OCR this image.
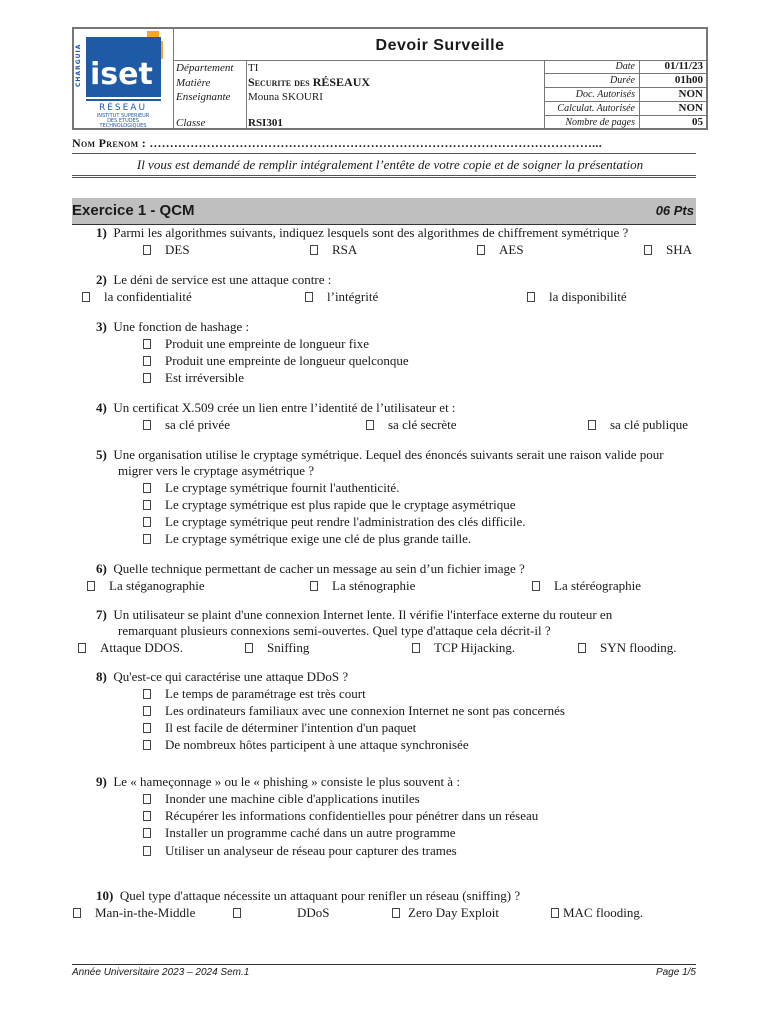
iset
RÉSEAU
INSTITUT SUPERIEUR
DES ETUDES
TECHNOLOGIQUES
CHARGUIA	Devoir Surveille
Département TI
Matière	Securite des RÉSEAUX
Enseignante Mouna SKOURI
Classe	RSI301
Date	01/11/23
Durée	01h00
Doc. Autorisés	NON
Calculat. Autorisée	NON
Nombre de pages	05
Nom Prenom : ………………………………………………………………………………………………...
Il vous est demandé de remplir intégralement l’entête de votre copie et de soigner la présentation
Exercice 1 - QCM	06 Pts
1) Parmi les algorithmes suivants, indiquez lesquels sont des algorithmes de chiffrement symétrique ?
DES	RSA	AES	SHA
2) Le déni de service est une attaque contre :
la confidentialité	l’intégrité	la disponibilité
3) Une fonction de hashage :
Produit une empreinte de longueur fixe
Produit une empreinte de longueur quelconque
Est irréversible
4) Un certificat X.509 crée un lien entre l’identité de l’utilisateur et :
sa clé privée	sa clé secrète	sa clé publique
5) Une organisation utilise le cryptage symétrique. Lequel des énoncés suivants serait une raison valide pour
migrer vers le cryptage asymétrique ?
Le cryptage symétrique fournit l'authenticité.
Le cryptage symétrique est plus rapide que le cryptage asymétrique
Le cryptage symétrique peut rendre l'administration des clés difficile.
Le cryptage symétrique exige une clé de plus grande taille.
6) Quelle technique permettant de cacher un message au sein d’un fichier image ?
La stéganographie	La sténographie	La stéréographie
7) Un utilisateur se plaint d'une connexion Internet lente. Il vérifie l'interface externe du routeur en
remarquant plusieurs connexions semi-ouvertes. Quel type d'attaque cela décrit-il ?
Attaque DDOS.	Sniffing	TCP Hijacking.	SYN flooding.
8) Qu'est-ce qui caractérise une attaque DDoS ?
Le temps de paramétrage est très court
Les ordinateurs familiaux avec une connexion Internet ne sont pas concernés
Il est facile de déterminer l'intention d'un paquet
De nombreux hôtes participent à une attaque synchronisée
9) Le « hameçonnage » ou le « phishing » consiste le plus souvent à :
Inonder une machine cible d'applications inutiles
Récupérer les informations confidentielles pour pénétrer dans un réseau
Installer un programme caché dans un autre programme
Utiliser un analyseur de réseau pour capturer des trames
10) Quel type d'attaque nécessite un attaquant pour renifler un réseau (sniffing) ?
Man-in-the-Middle	DDoS	Zero Day Exploit	MAC flooding.
Année Universitaire 2023 – 2024 Sem.1	Page 1/5
